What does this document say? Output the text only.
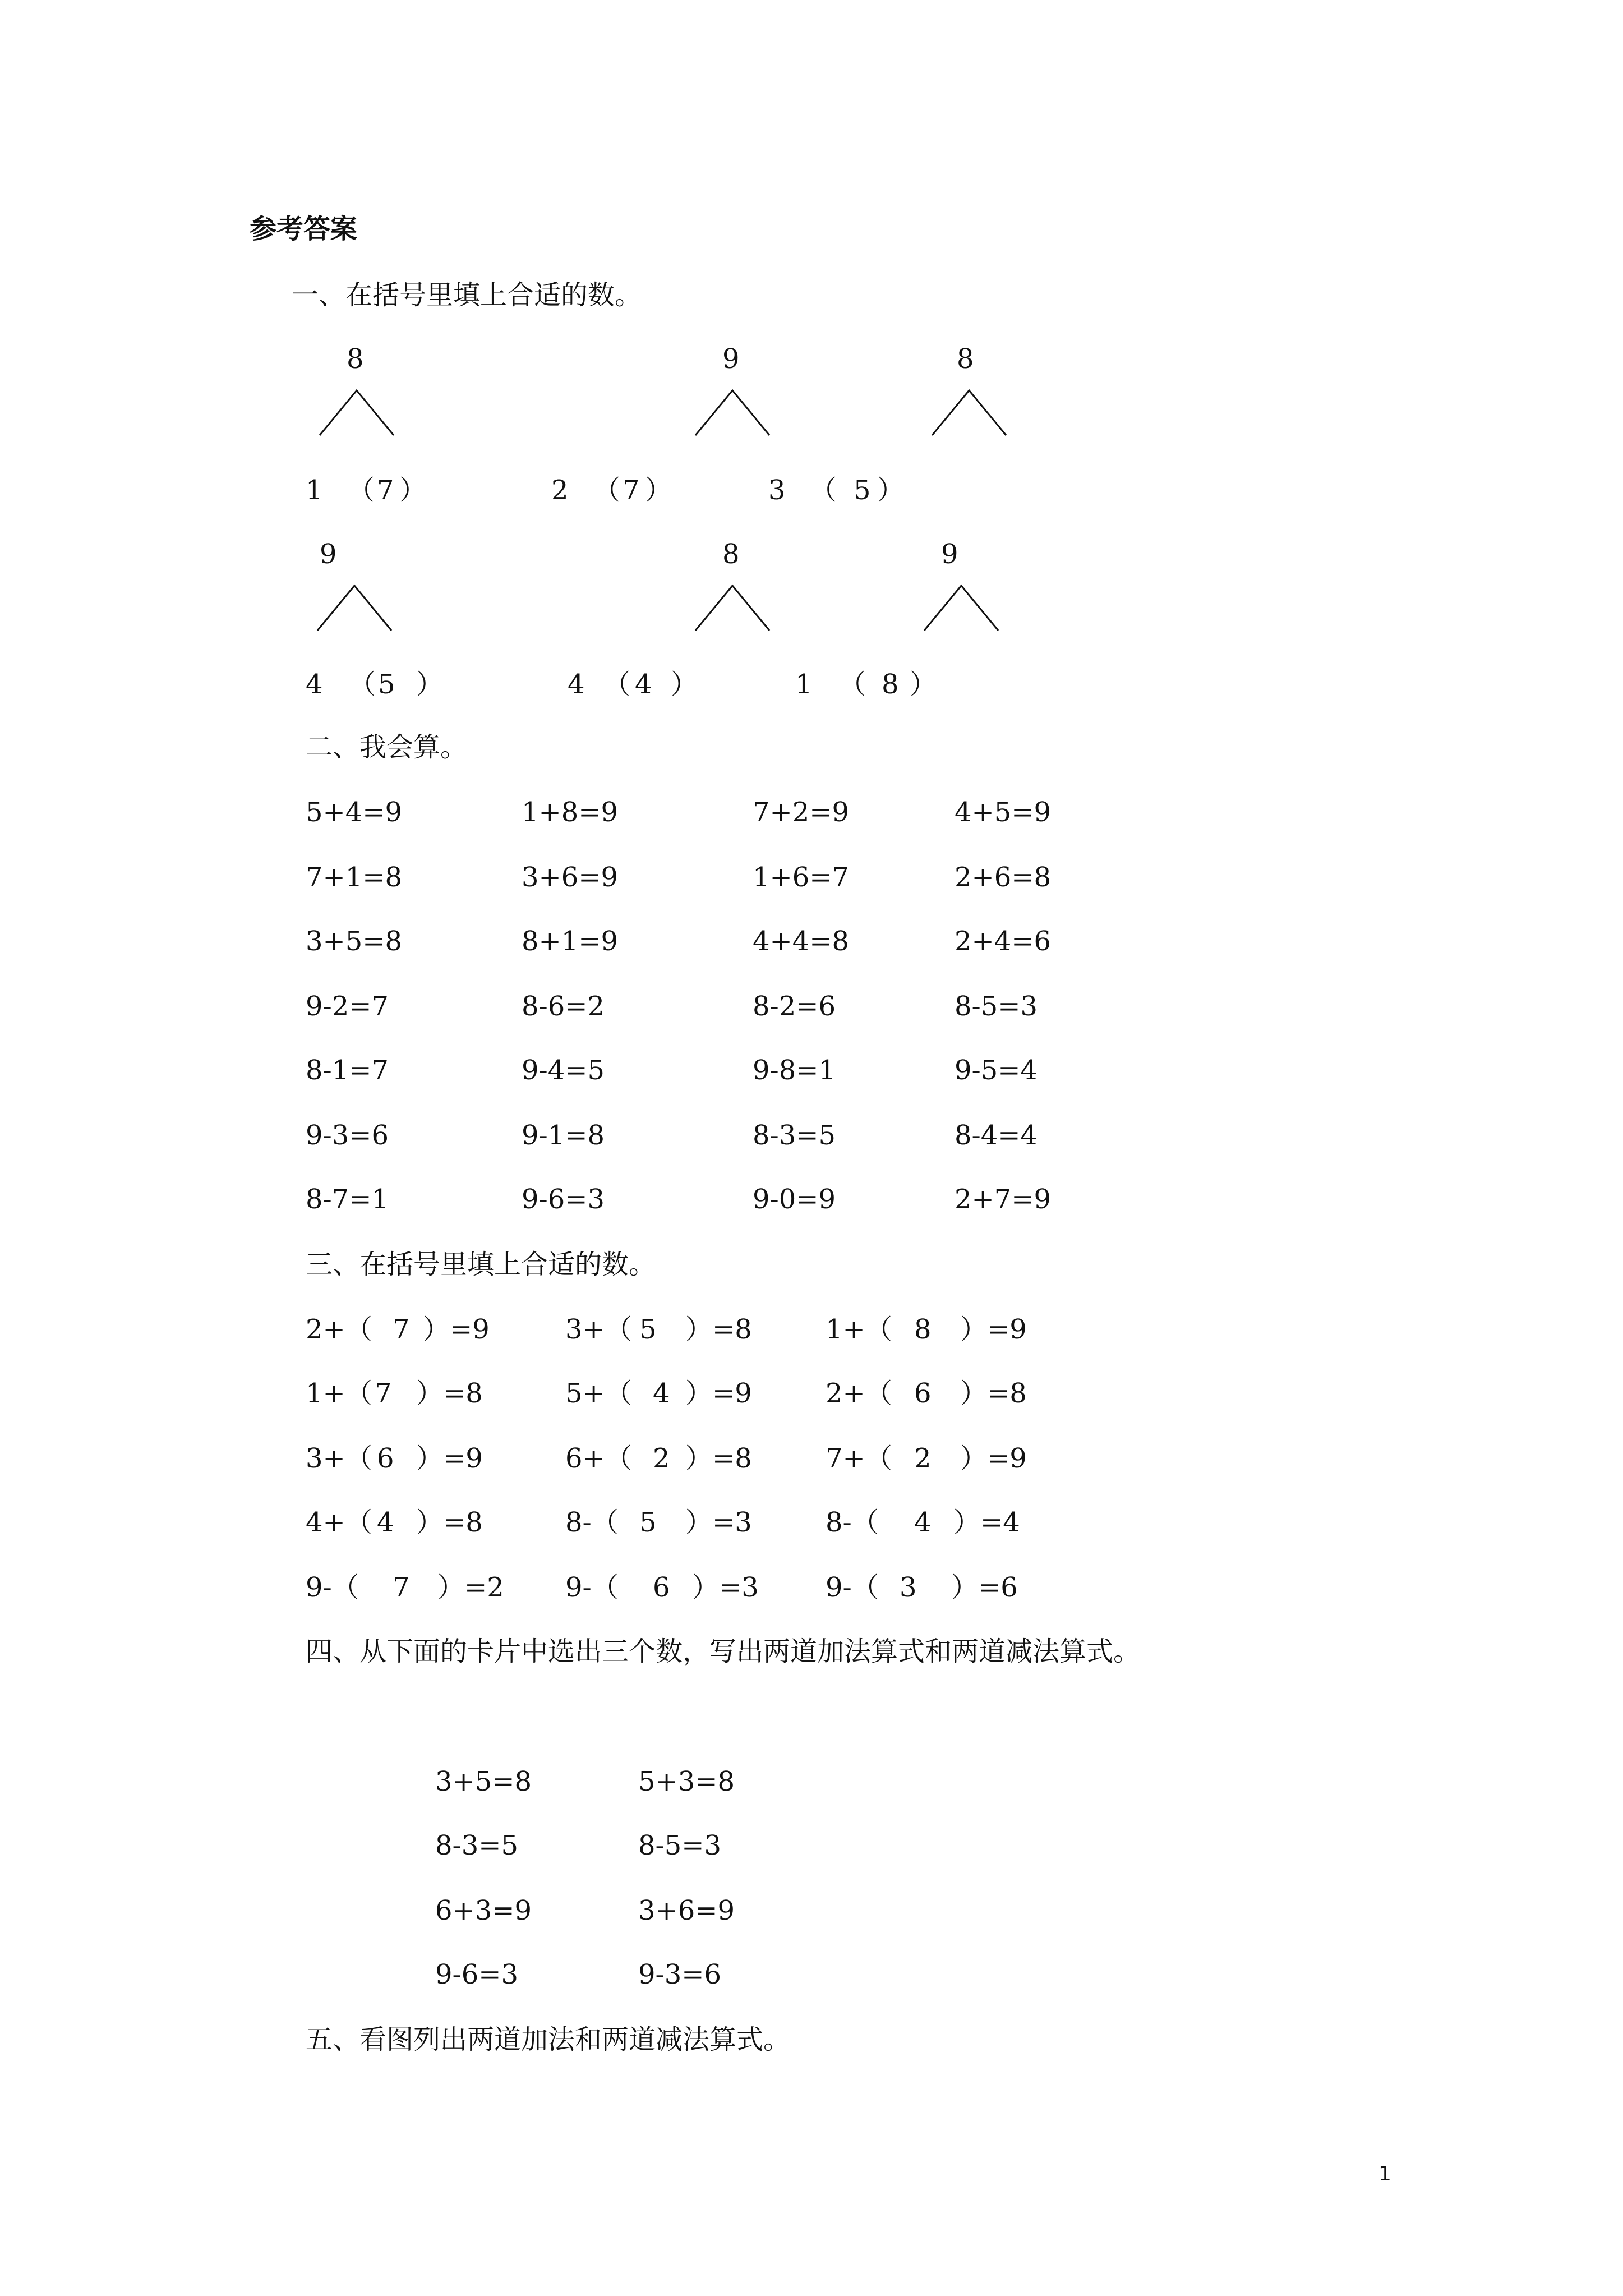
参考答案
一、在括号里填上合适的数。
8	9	8
9	8	9
1 （ 7 ）	2 （ 7 ）	3 （ 5 ）
4 （ 5 ）	4 （ 4 ）	1 （ 8 ）
二、我会算。
5+4=9	1+8=9	7+2=9	4+5=9
7+1=8	3+6=9	1+6=7	2+6=8
3+5=8	8+1=9	4+4=8	2+4=6
9-2=7	8-6=2	8-2=6	8-5=3
8-1=7	9-4=5	9-8=1	9-5=4
9-3=6	9-1=8	8-3=5	8-4=4
8-7=1	9-6=3	9-0=9	2+7=9
三、在括号里填上合适的数。
2+（ 7 ）=9	3+（ 5 ）=8	1+（ 8 ）=9
1+（ 7 ）=8	5+（ 4 ）=9	2+（ 6 ）=8
3+（ 6 ）=9	6+（ 2 ）=8	7+（ 2 ）=9
4+（ 4 ）=8	8-（ 5 ）=3	8-（ 4 ）=4
9-（ 7 ）=2 9-（ 6 ）=3 9-（ 3 ）=6
四、从下面的卡片中选出三个数，写出两道加法算式和两道减法算式。
3+5=8	5+3=8
8-3=5	8-5=3
6+3=9	3+6=9
9-6=3	9-3=6
五、看图列出两道加法和两道减法算式。
1
